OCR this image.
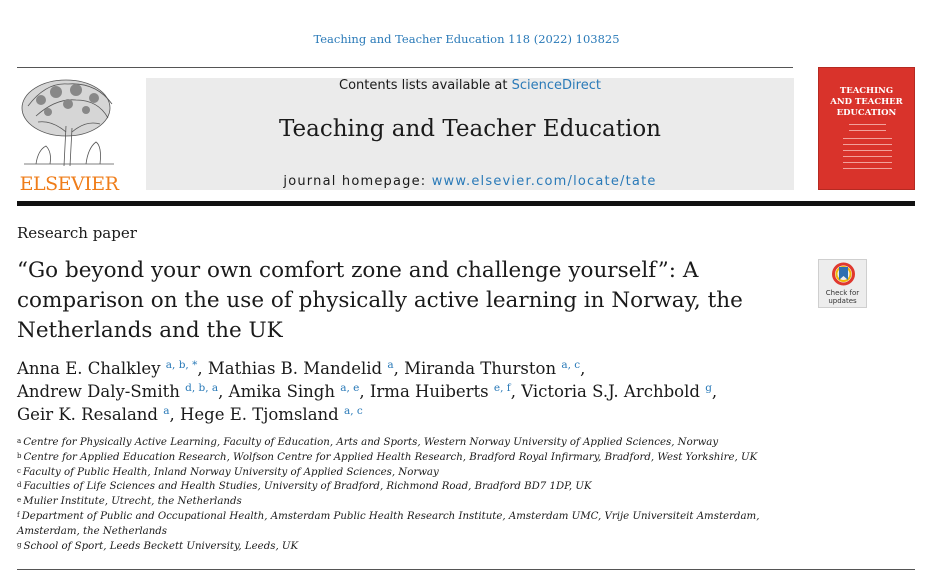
Teaching and Teacher Education 118 (2022) 103825
ELSEVIER
Contents lists available at ScienceDirect
Teaching and Teacher Education
journal homepage: www.elsevier.com/locate/tate
TEACHING
AND TEACHER
EDUCATION
Research paper
“Go beyond your own comfort zone and challenge yourself”: A comparison on the use of physically active learning in Norway, the Netherlands and the UK
Check for
updates
Anna E. Chalkley $^{a, b, *}$, Mathias B. Mandelid $^a$, Miranda Thurston $^{a, c}$,
Andrew Daly-Smith $^{d, b, a}$, Amika Singh $^{a, e}$, Irma Huiberts $^{e, f}$, Victoria S.J. Archbold $^g$,
Geir K. Resaland $^a$, Hege E. Tjomsland $^{a, c}$
$^a$ Centre for Physically Active Learning, Faculty of Education, Arts and Sports, Western Norway University of Applied Sciences, Norway
$^b$ Centre for Applied Education Research, Wolfson Centre for Applied Health Research, Bradford Royal Infirmary, Bradford, West Yorkshire, UK
$^c$ Faculty of Public Health, Inland Norway University of Applied Sciences, Norway
$^d$ Faculties of Life Sciences and Health Studies, University of Bradford, Richmond Road, Bradford BD7 1DP, UK
$^e$ Mulier Institute, Utrecht, the Netherlands
$^f$ Department of Public and Occupational Health, Amsterdam Public Health Research Institute, Amsterdam UMC, Vrije Universiteit Amsterdam, Amsterdam, the Netherlands
$^g$ School of Sport, Leeds Beckett University, Leeds, UK
